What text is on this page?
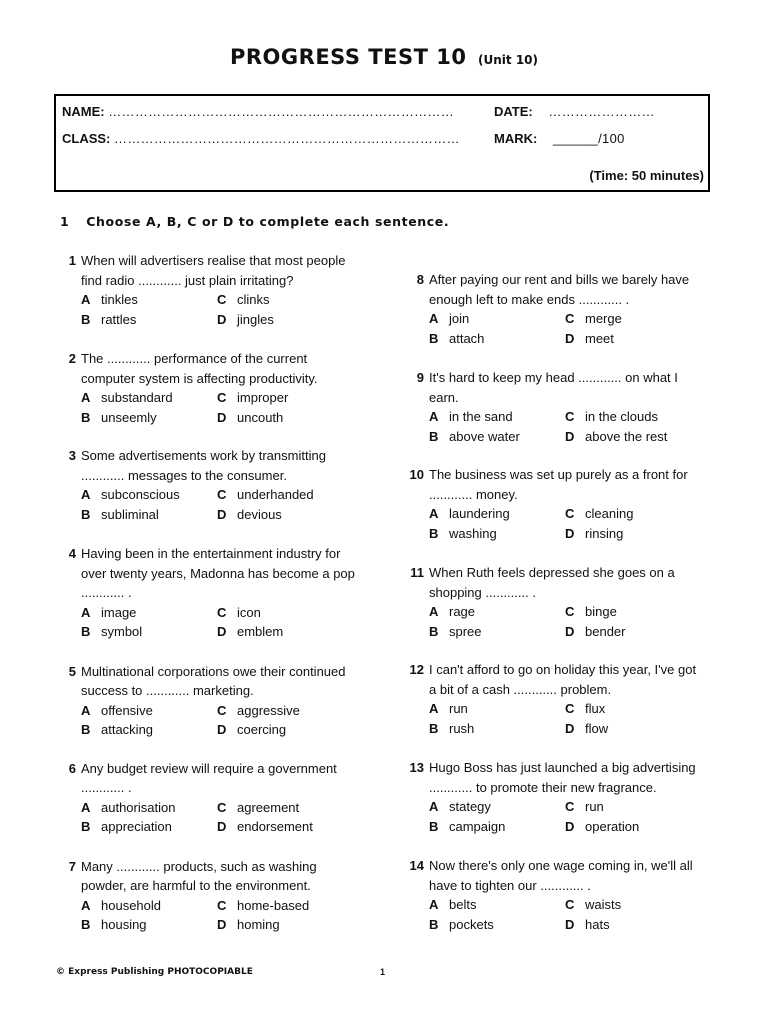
PROGRESS TEST 10 (Unit 10)
NAME: ……………………………………………………………………	DATE: ……………………
CLASS: ……………………………………………………………………	MARK: ______/100
(Time: 50 minutes)
1 Choose A, B, C or D to complete each sentence.
1 When will advertisers realise that most people find radio ............ just plain irritating?
A tinkles	C clinks
B rattles	D jingles
2 The ............ performance of the current computer system is affecting productivity.
A substandard	C improper
B unseemly	D uncouth
3 Some advertisements work by transmitting ............ messages to the consumer.
A subconscious	C underhanded
B subliminal	D devious
4 Having been in the entertainment industry for over twenty years, Madonna has become a pop ............ .
A image	C icon
B symbol	D emblem
5 Multinational corporations owe their continued success to ............ marketing.
A offensive	C aggressive
B attacking	D coercing
6 Any budget review will require a government ............ .
A authorisation	C agreement
B appreciation	D endorsement
7 Many ............ products, such as washing powder, are harmful to the environment.
A household	C home-based
B housing	D homing
8 After paying our rent and bills we barely have enough left to make ends ............ .
A join	C merge
B attach	D meet
9 It's hard to keep my head ............ on what I earn.
A in the sand	C in the clouds
B above water	D above the rest
10 The business was set up purely as a front for ............ money.
A laundering	C cleaning
B washing	D rinsing
11 When Ruth feels depressed she goes on a shopping ............ .
A rage	C binge
B spree	D bender
12 I can't afford to go on holiday this year, I've got a bit of a cash ............ problem.
A run	C flux
B rush	D flow
13 Hugo Boss has just launched a big advertising ............ to promote their new fragrance.
A stategy	C run
B campaign	D operation
14 Now there's only one wage coming in, we'll all have to tighten our ............ .
A belts	C waists
B pockets	D hats
© Express Publishing PHOTOCOPIABLE	1
